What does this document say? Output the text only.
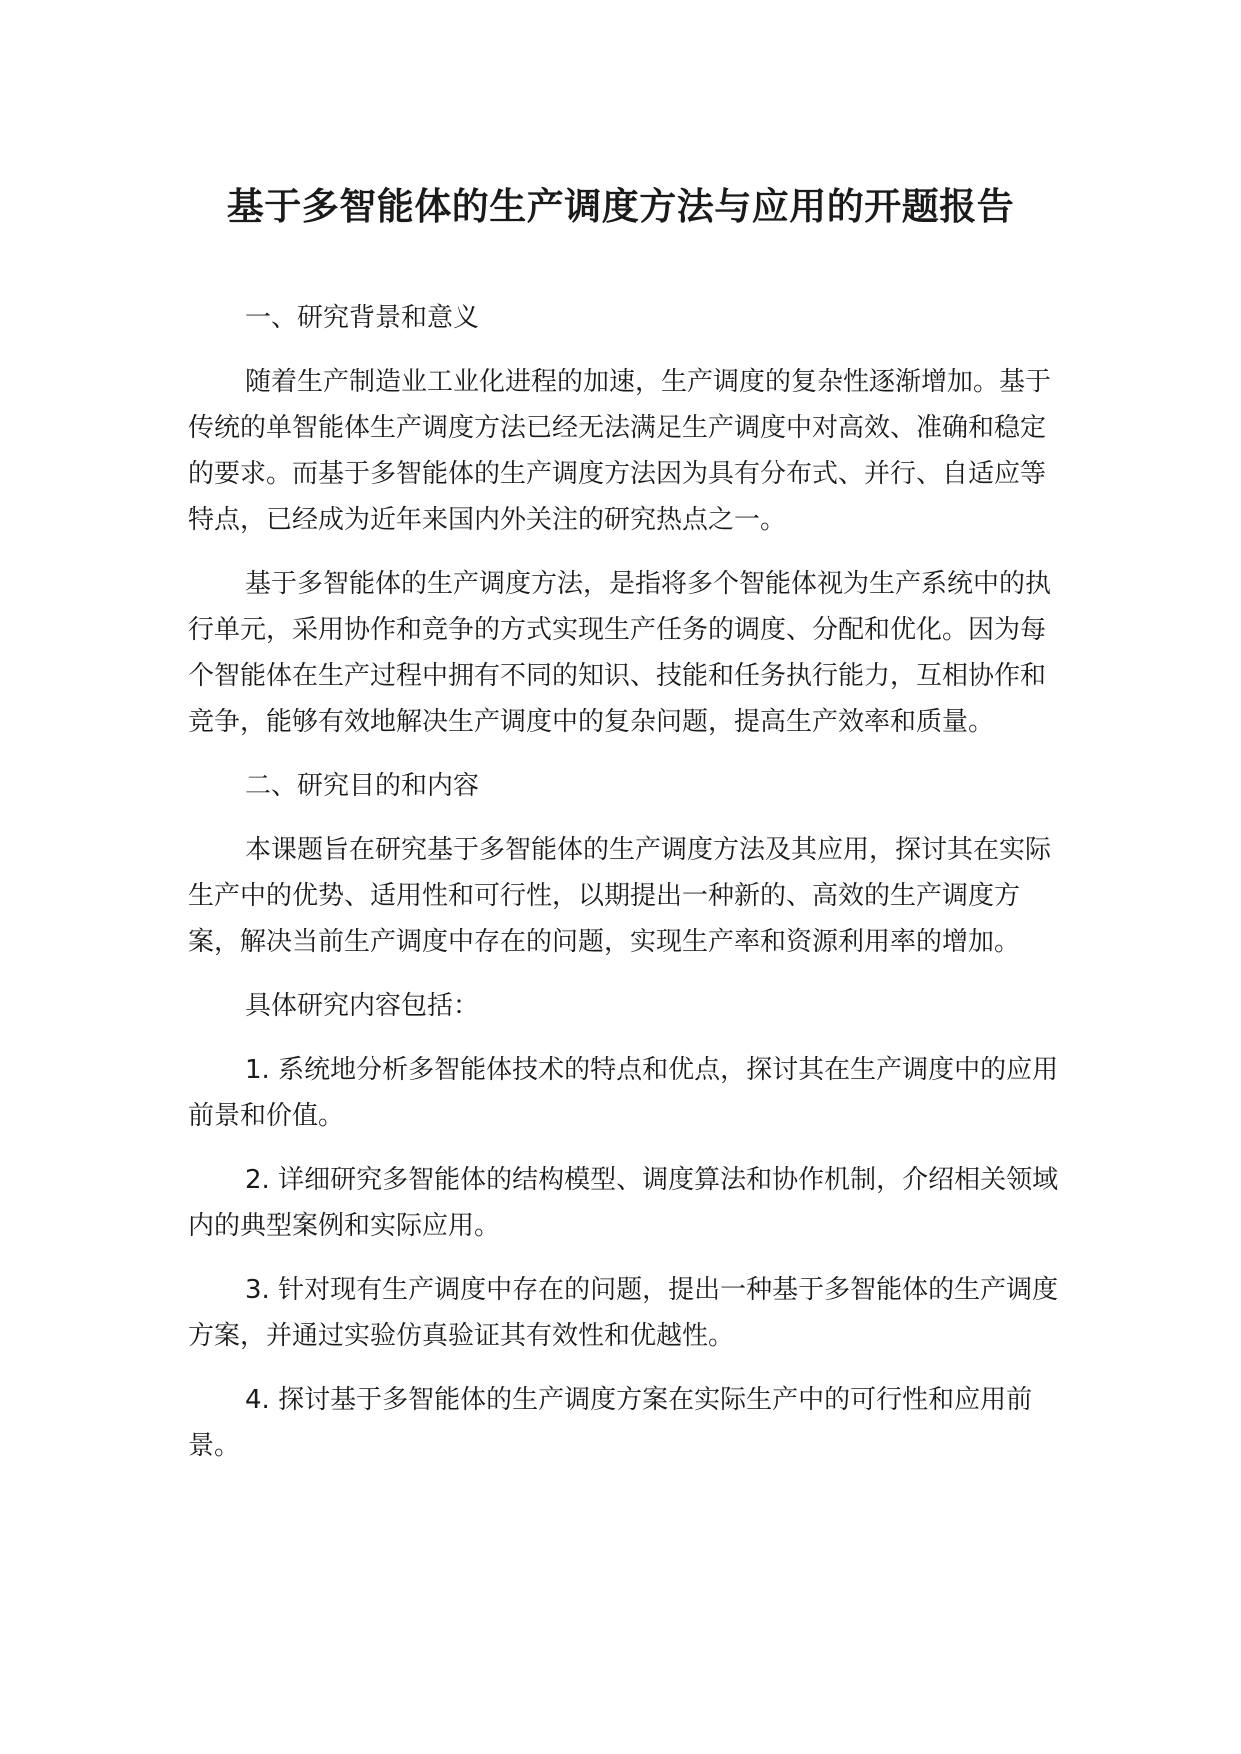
基于多智能体的生产调度方法与应用的开题报告

一、研究背景和意义

随着生产制造业工业化进程的加速，生产调度的复杂性逐渐增加。基于传统的单智能体生产调度方法已经无法满足生产调度中对高效、准确和稳定的要求。而基于多智能体的生产调度方法因为具有分布式、并行、自适应等特点，已经成为近年来国内外关注的研究热点之一。

基于多智能体的生产调度方法，是指将多个智能体视为生产系统中的执行单元，采用协作和竞争的方式实现生产任务的调度、分配和优化。因为每个智能体在生产过程中拥有不同的知识、技能和任务执行能力，互相协作和竞争，能够有效地解决生产调度中的复杂问题，提高生产效率和质量。

二、研究目的和内容

本课题旨在研究基于多智能体的生产调度方法及其应用，探讨其在实际生产中的优势、适用性和可行性，以期提出一种新的、高效的生产调度方案，解决当前生产调度中存在的问题，实现生产率和资源利用率的增加。

具体研究内容包括：

1. 系统地分析多智能体技术的特点和优点，探讨其在生产调度中的应用前景和价值。

2. 详细研究多智能体的结构模型、调度算法和协作机制，介绍相关领域内的典型案例和实际应用。

3. 针对现有生产调度中存在的问题，提出一种基于多智能体的生产调度方案，并通过实验仿真验证其有效性和优越性。

4. 探讨基于多智能体的生产调度方案在实际生产中的可行性和应用前景。
